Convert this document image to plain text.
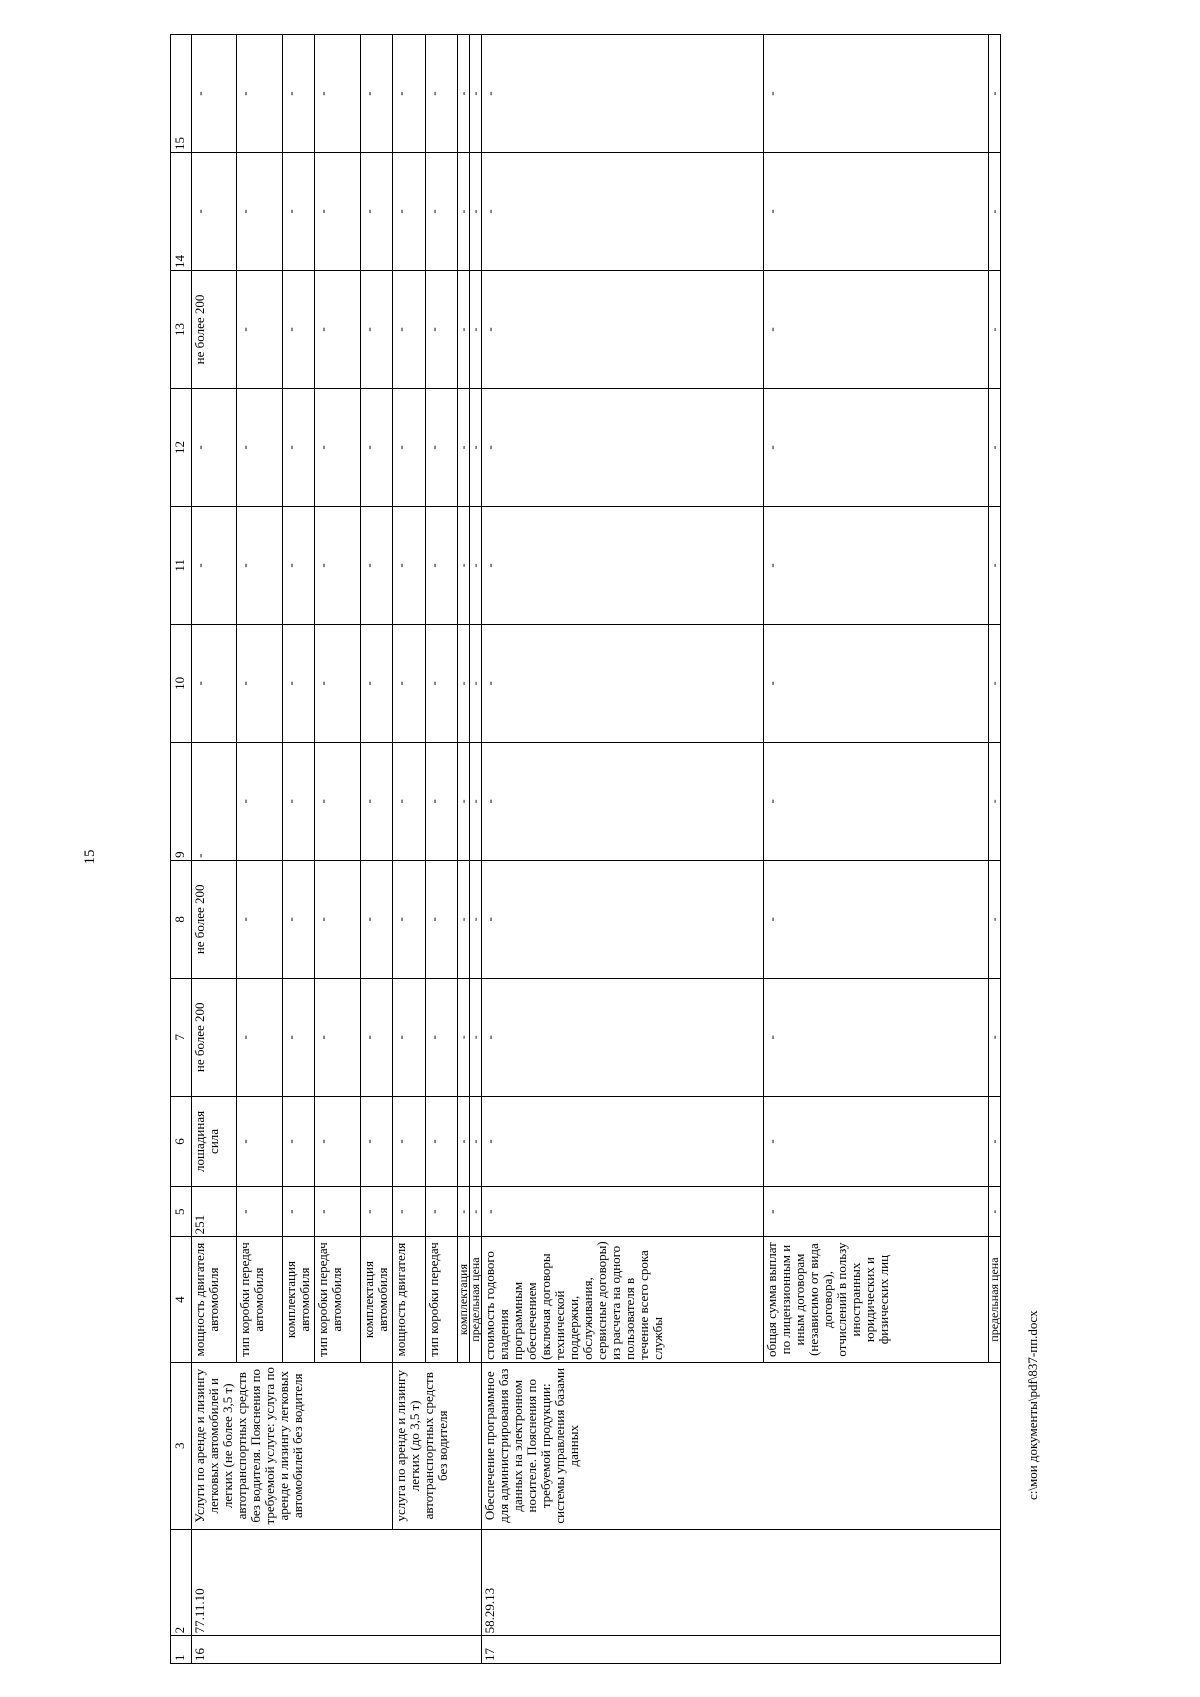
15
1	2	3	4	5	6	7	8	9	10	11	12	13	14	15
16	77.11.10	Услуги по аренде и лизингу легковых автомобилей и легких (не более 3,5 т) автотранспортных средств без водителя. Пояснения по требуемой услуге: услуга по аренде и лизингу легковых автомобилей без водителя	мощность двигателя автомобиля	251	лошадиная сила	не более 200	не более 200	-	-	-	-	не более 200	-	-
			тип коробки передач автомобиля	-	-	-	-	-	-	-	-	-	-	-
			комплектация автомобиля	-	-	-	-	-	-	-	-	-	-	-
			тип коробки передач автомобиля	-	-	-	-	-	-	-	-	-	-	-
			комплектация автомобиля	-	-	-	-	-	-	-	-	-	-	-
		услуга по аренде и лизингу легких (до 3,5 т) автотранспортных средств без водителя	мощность двигателя	-	-	-	-	-	-	-	-	-	-	-
			тип коробки передач	-	-	-	-	-	-	-	-	-	-	-
			комплектация	-	-	-	-	-	-	-	-	-	-	-
			предельная цена	-	-	-	-	-	-	-	-	-	-	-
17	58.29.13	Обеспечение программное для администрирования баз данных на электронном носителе. Пояснения по требуемой продукции: системы управления базами данных	стоимость годового владения программным обеспечением (включая договоры технической поддержки, обслуживания, сервисные договоры) из расчета на одного пользователя в течение всего срока службы	-	-	-	-	-	-	-	-	-	-	-
			общая сумма выплат по лицензионным и иным договорам (независимо от вида договора), отчислений в пользу иностранных юридических и физических лиц	-	-	-	-	-	-	-	-	-	-	-
			предельная цена	-	-	-	-	-	-	-	-	-	-	-
c:\мои документы\pdf\837-пп.docx
